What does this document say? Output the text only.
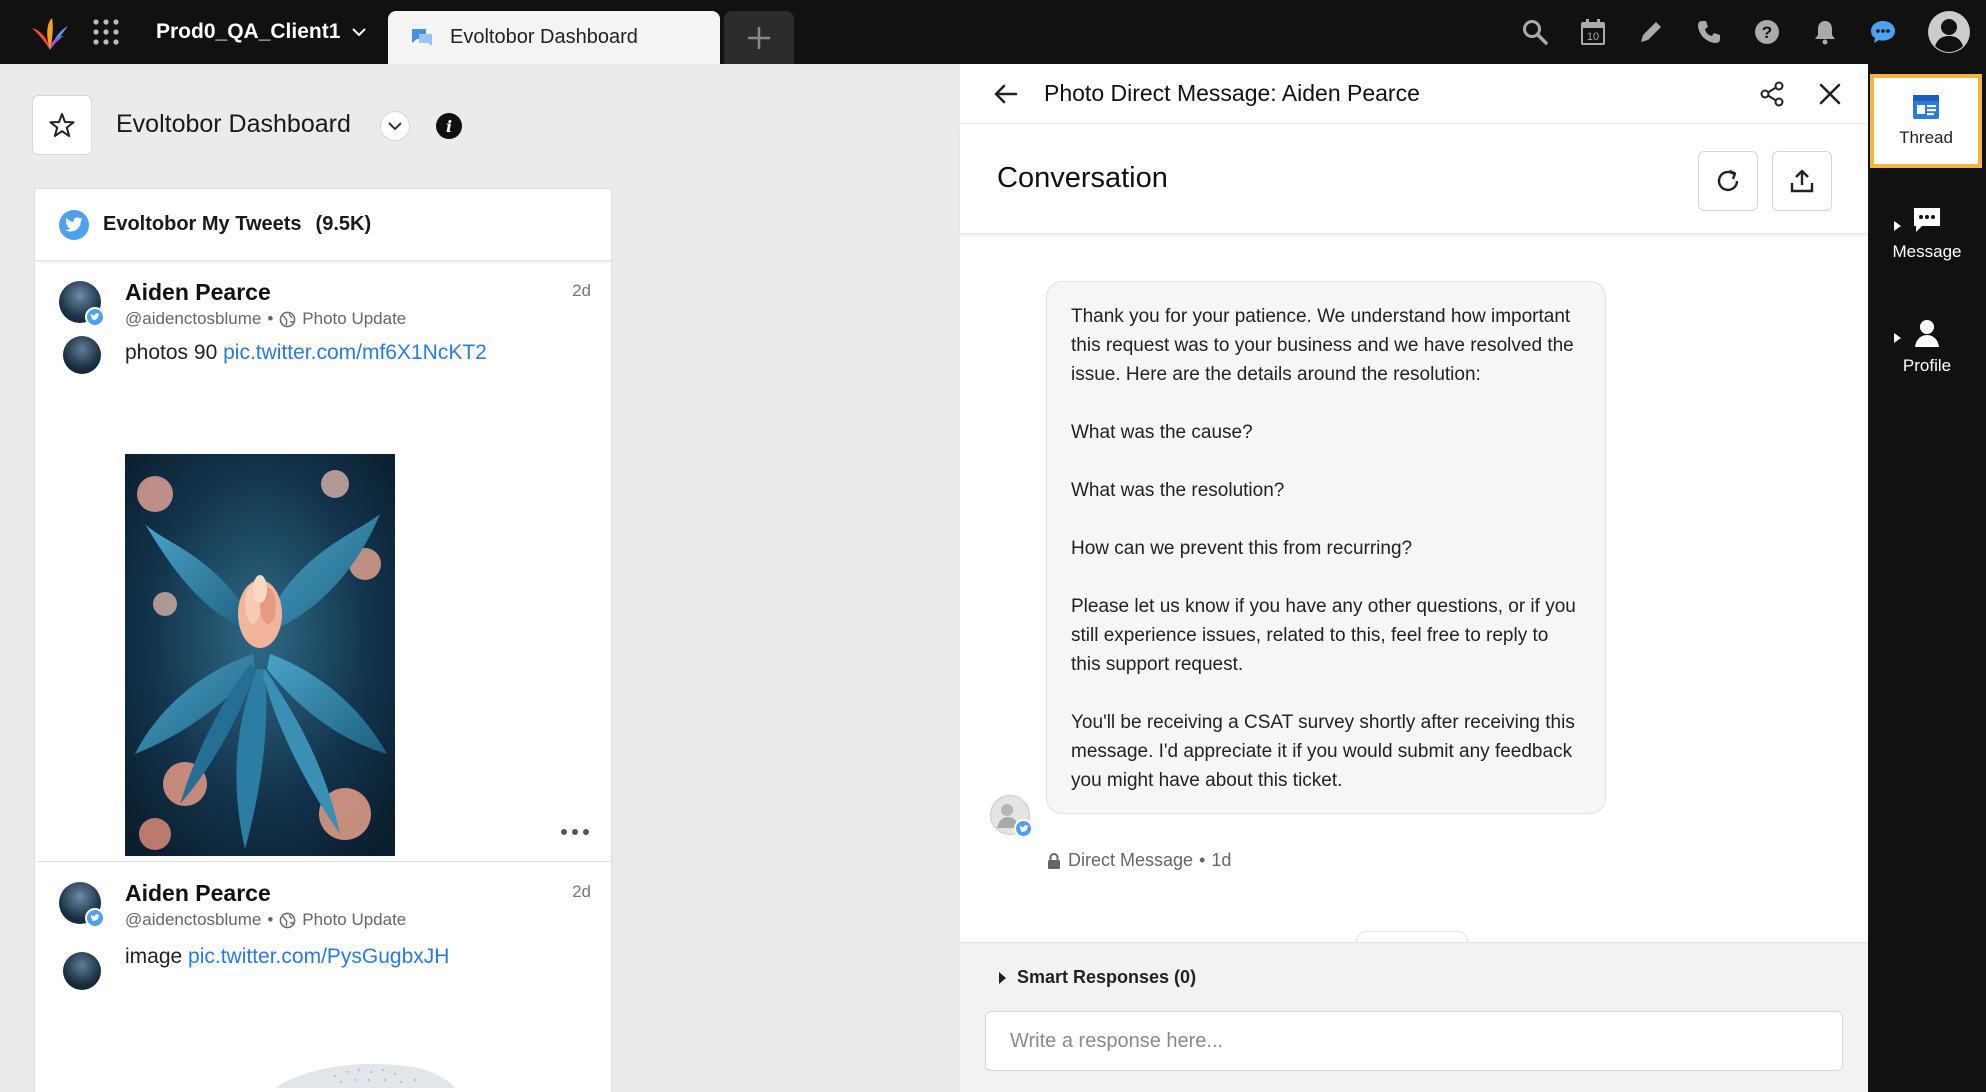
Prod0_QA_Client1	Evoltobor Dashboard	10	?
Evoltobor Dashboard	i
Evoltobor My Tweets (9.5K)
Aiden Pearce
@aidenctosblume • Photo Update
2d
photos 90 pic.twitter.com/mf6X1NcKT2
Aiden Pearce
@aidenctosblume • Photo Update
2d
image pic.twitter.com/PysGugbxJH
Photo Direct Message: Aiden Pearce
Conversation

Thank you for your patience. We understand how important this request was to your business and we have resolved the issue. Here are the details around the resolution:

What was the cause?

What was the resolution?

How can we prevent this from recurring?

Please let us know if you have any other questions, or if you still experience issues, related to this, feel free to reply to this support request.

You'll be receiving a CSAT survey shortly after receiving this message. I'd appreciate it if you would submit any feedback you might have about this ticket.

Direct Message • 1d
Smart Responses (0)
Write a response here...
Thread
Message
Profile
